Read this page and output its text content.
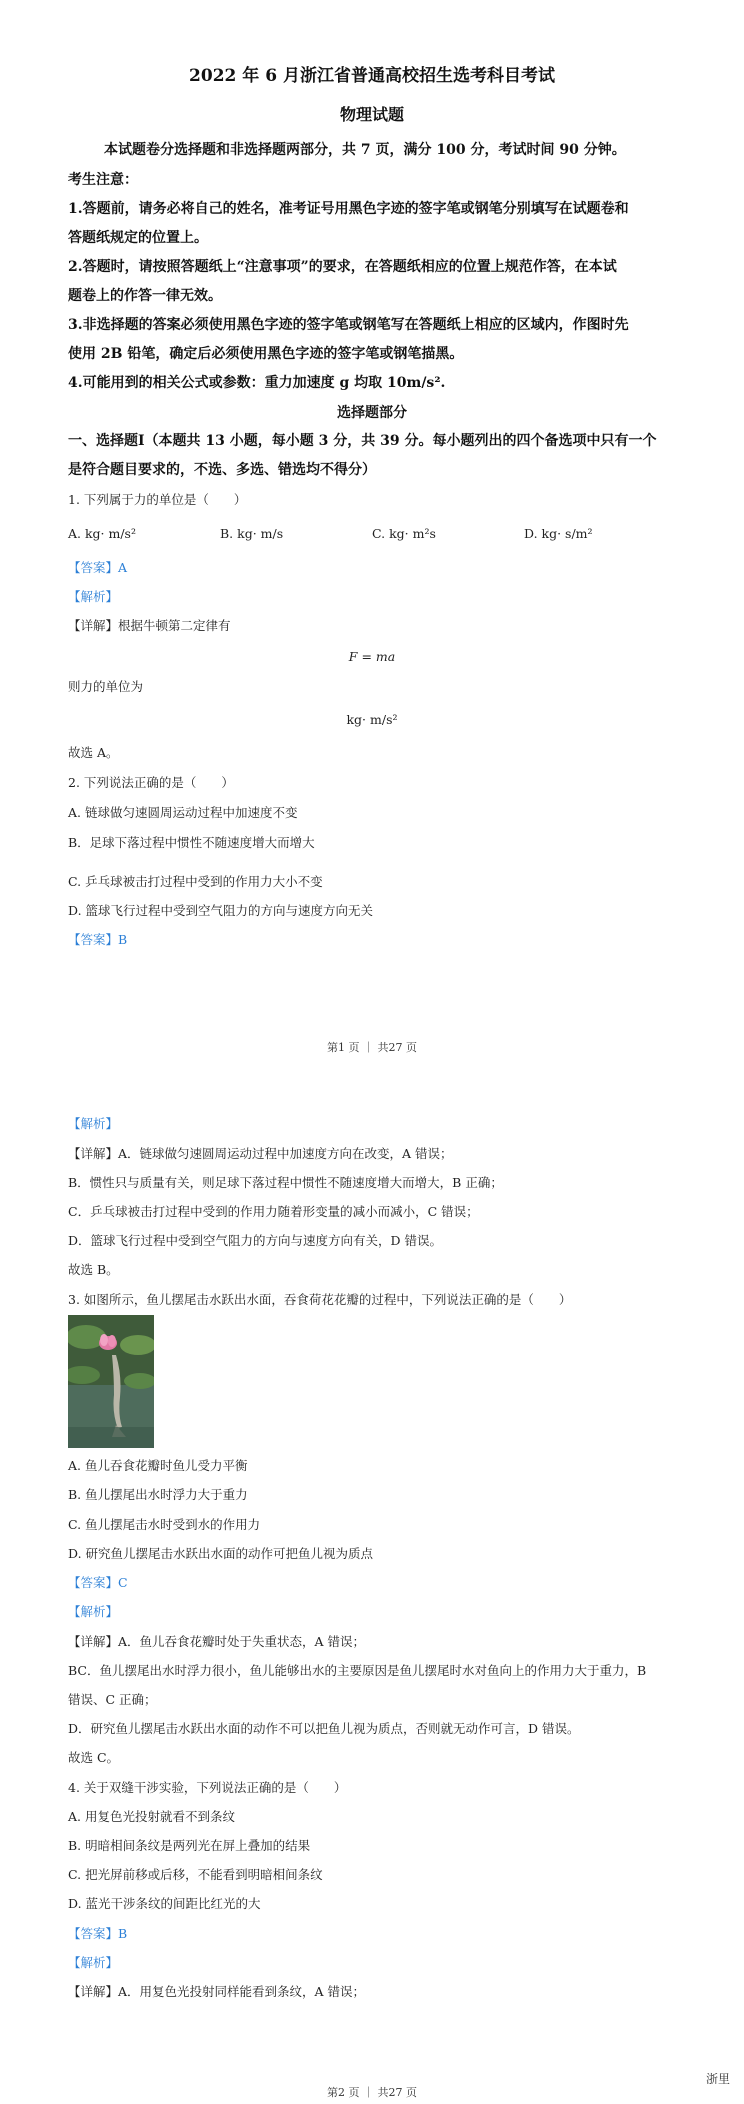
2022 年 6 月浙江省普通高校招生选考科目考试
物理试题
本试题卷分选择题和非选择题两部分，共 7 页，满分 100 分，考试时间 90 分钟。
考生注意：
1.答题前，请务必将自己的姓名，准考证号用黑色字迹的签字笔或钢笔分别填写在试题卷和
答题纸规定的位置上。
2.答题时，请按照答题纸上“注意事项”的要求，在答题纸相应的位置上规范作答，在本试
题卷上的作答一律无效。
3.非选择题的答案必须使用黑色字迹的签字笔或钢笔写在答题纸上相应的区域内，作图时先
使用 2B 铅笔，确定后必须使用黑色字迹的签字笔或钢笔描黑。
4.可能用到的相关公式或参数：重力加速度 g 均取 10m/s².
选择题部分
一、选择题Ⅰ（本题共 13 小题，每小题 3 分，共 39 分。每小题列出的四个备选项中只有一个
是符合题目要求的，不选、多选、错选均不得分）
1. 下列属于力的单位是（　　）
A. kg· m/s²	B. kg· m/s	C. kg· m²s	D. kg· s/m²
【答案】A
【解析】
【详解】根据牛顿第二定律有
F = ma
则力的单位为
kg· m/s²
故选 A。
2. 下列说法正确的是（　　）
A. 链球做匀速圆周运动过程中加速度不变
B．足球下落过程中惯性不随速度增大而增大
C. 乒乓球被击打过程中受到的作用力大小不变
D. 篮球飞行过程中受到空气阻力的方向与速度方向无关
【答案】B
第1 页 ｜ 共27 页
【解析】
【详解】A．链球做匀速圆周运动过程中加速度方向在改变，A 错误；
B．惯性只与质量有关，则足球下落过程中惯性不随速度增大而增大，B 正确；
C．乒乓球被击打过程中受到的作用力随着形变量的减小而减小，C 错误；
D．篮球飞行过程中受到空气阻力的方向与速度方向有关，D 错误。
故选 B。
3. 如图所示，鱼儿摆尾击水跃出水面，吞食荷花花瓣的过程中，下列说法正确的是（　　）
A. 鱼儿吞食花瓣时鱼儿受力平衡
B. 鱼儿摆尾出水时浮力大于重力
C. 鱼儿摆尾击水时受到水的作用力
D. 研究鱼儿摆尾击水跃出水面的动作可把鱼儿视为质点
【答案】C
【解析】
【详解】A．鱼儿吞食花瓣时处于失重状态，A 错误；
BC．鱼儿摆尾出水时浮力很小，鱼儿能够出水的主要原因是鱼儿摆尾时水对鱼向上的作用力大于重力，B
错误、C 正确；
D．研究鱼儿摆尾击水跃出水面的动作不可以把鱼儿视为质点，否则就无动作可言，D 错误。
故选 C。
4. 关于双缝干涉实验，下列说法正确的是（　　）
A. 用复色光投射就看不到条纹
B. 明暗相间条纹是两列光在屏上叠加的结果
C. 把光屏前移或后移，不能看到明暗相间条纹
D. 蓝光干涉条纹的间距比红光的大
【答案】B
【解析】
【详解】A．用复色光投射同样能看到条纹，A 错误；
浙里
第2 页 ｜ 共27 页
